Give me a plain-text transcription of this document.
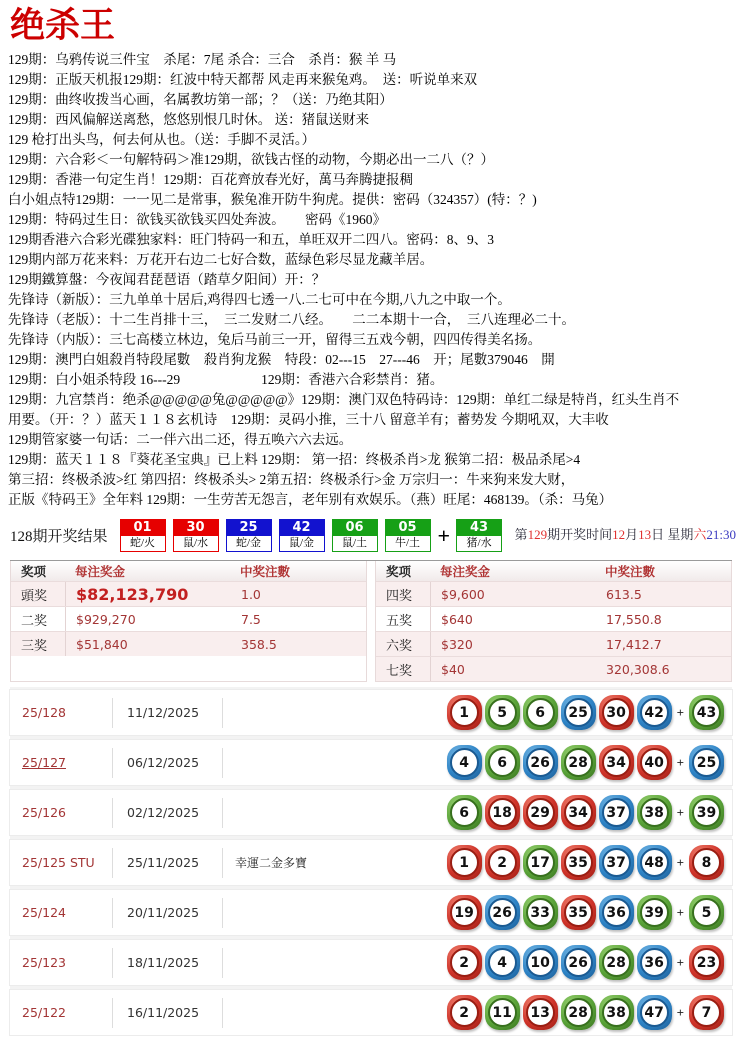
绝杀王
129期：乌鸦传说三件宝　杀尾：7尾 杀合：三合　杀肖：猴 羊 马
129期：正版天机报129期：红波中特天都帮 风走再来猴兔鸡。　送：听说单来双
129期：曲终收拨当心画，名属教坊第一部；？（送：乃绝其阳）
129期：西风偏解送离愁，悠悠别恨几时休。 送：猪鼠送财来
129 枪打出头鸟，何去何从也。（送：手脚不灵活。）
129期：六合彩＜一句解特码＞准129期，欲钱古怪的动物，今期必出一二八（？）
129期：香港一句定生肖！129期：百花齊放春光好，萬马奔腾捷报稠
白小姐点特129期：一一见二是常事，猴兔准开防牛狗虎。提供：密码（324357）(特：？)
129期：特码过生日：欲钱买欲钱买四处奔波。　　密码《1960》
129期香港六合彩光碟独家料：旺门特码一和五，单旺双开二四八。密码：8、9、3
129期内部万花来料：万花开右边二七好合数，蓝绿色彩尽显龙藏羊居。
129期鐵算盤：今夜闻君琵琶语（踏草夕阳间）开：？
先锋诗（新版）：三九单单十居后,鸡得四七透一八.二七可中在今期,八九之中取一个。
先锋诗（老版）：十二生肖排十三，　三二发财二八经。　　二二本期十一合，　三八连理必二十。
先锋诗（内版）：三七高楼立林边，兔后马前三一开，留得三五戏今朝，四四传得美名扬。
129期：澳門白姐殺肖特段尾數　殺肖狗龙猴　特段：02---15　27---46　开；尾數379046　開
129期：白小姐杀特段 16---29　　　　　　129期：香港六合彩禁肖：猪。
129期：九宫禁肖：绝杀@@@@@兔@@@@@》129期：澳门双色特码诗：129期：单红二绿是特肖，红头生肖不
用要。（开：？）蓝天１１８玄机诗　129期：灵码小推，三十八 留意羊有；蓄势发 今期吼双，大丰收
129期管家婆一句话：二一伴六出二还，得五唤六六去远。
129期：蓝天１１８『葵花圣宝典』已上料 129期： 第一招：终极杀肖>龙 猴第二招：极品杀尾>4
第三招：终极杀波>红 第四招：终极杀头> 2第五招：终极杀行>金 万宗归一：牛来狗来发大财，
正版《特码王》全年料 129期：一生劳苦无怨言，老年别有欢娱乐。（燕）旺尾：468139。（杀：马兔）
128期开奖结果
01
蛇/火
30
鼠/水
25
蛇/金
42
鼠/金
06
鼠/土
05
牛/土 +	43
猪/水
第129期开奖时间12月13日 星期六21:30
奖项	每注奖金	中奖注數
頭奖	$82,123,790	1.0
二奖	$929,270	7.5
三奖	$51,840	358.5
奖项	每注奖金	中奖注數
四奖	$9,600	613.5
五奖	$640	17,550.8
六奖	$320	17,412.7
七奖	$40	320,308.6
25/128	11/12/2025	1	5	6	25	30	42 + 43
25/127	06/12/2025	4	6	26	28	34	40 + 25
25/126	02/12/2025	6	18	29	34	37	38 + 39
25/125 STU	25/11/2025	幸運二金多寶	1	2	17	35	37	48 +	8
25/124	20/11/2025	19	26	33	35	36	39 +	5
25/123	18/11/2025	2	4	10	26	28	36 + 23
25/122	16/11/2025	2	11	13	28	38	47 +	7
